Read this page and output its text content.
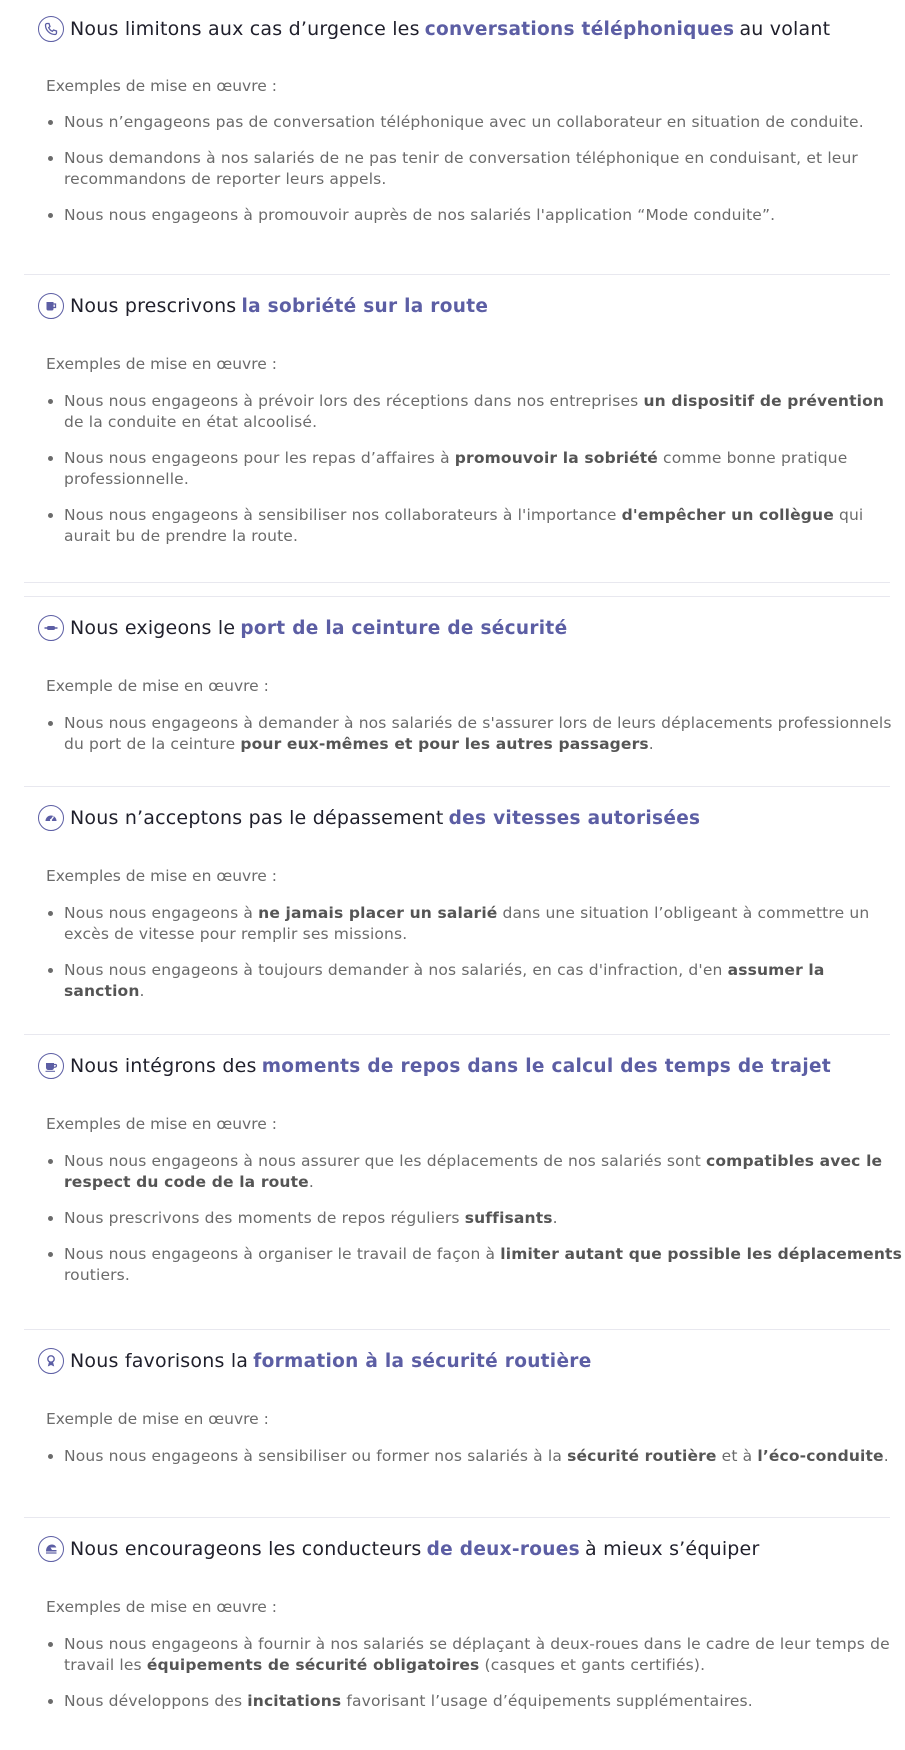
Nous limitons aux cas d’urgence les
conversations téléphoniques
au volant
Exemples de mise en œuvre :
Nous n’engageons pas de conversation téléphonique avec un collaborateur en situation de conduite.
Nous demandons à nos salariés de ne pas tenir de conversation téléphonique en conduisant, et leur recommandons de reporter leurs appels.
Nous nous engageons à promouvoir auprès de nos salariés l'application “Mode conduite”.
Nous prescrivons
la sobriété sur la route
Exemples de mise en œuvre :
Nous nous engageons à prévoir lors des réceptions dans nos entreprises un dispositif de prévention de la conduite en état alcoolisé.
Nous nous engageons pour les repas d’affaires à promouvoir la sobriété comme bonne pratique professionnelle.
Nous nous engageons à sensibiliser nos collaborateurs à l'importance d'empêcher un collègue qui aurait bu de prendre la route.
Nous exigeons le
port de la ceinture de sécurité
Exemple de mise en œuvre :
Nous nous engageons à demander à nos salariés de s'assurer lors de leurs déplacements professionnels du port de la ceinture pour eux-mêmes et pour les autres passagers.
Nous n’acceptons pas le dépassement
des vitesses autorisées
Exemples de mise en œuvre :
Nous nous engageons à ne jamais placer un salarié dans une situation l’obligeant à commettre un excès de vitesse pour remplir ses missions.
Nous nous engageons à toujours demander à nos salariés, en cas d'infraction, d'en assumer la sanction.
Nous intégrons des
moments de repos dans le calcul des temps de trajet
Exemples de mise en œuvre :
Nous nous engageons à nous assurer que les déplacements de nos salariés sont compatibles avec le respect du code de la route.
Nous prescrivons des moments de repos réguliers suffisants.
Nous nous engageons à organiser le travail de façon à limiter autant que possible les déplacements routiers.
Nous favorisons la
formation à la sécurité routière
Exemple de mise en œuvre :
Nous nous engageons à sensibiliser ou former nos salariés à la sécurité routière et à l’éco-conduite.
Nous encourageons les conducteurs
de deux-roues
à mieux s’équiper
Exemples de mise en œuvre :
Nous nous engageons à fournir à nos salariés se déplaçant à deux-roues dans le cadre de leur temps de travail les équipements de sécurité obligatoires (casques et gants certifiés).
Nous développons des incitations favorisant l’usage d’équipements supplémentaires.
